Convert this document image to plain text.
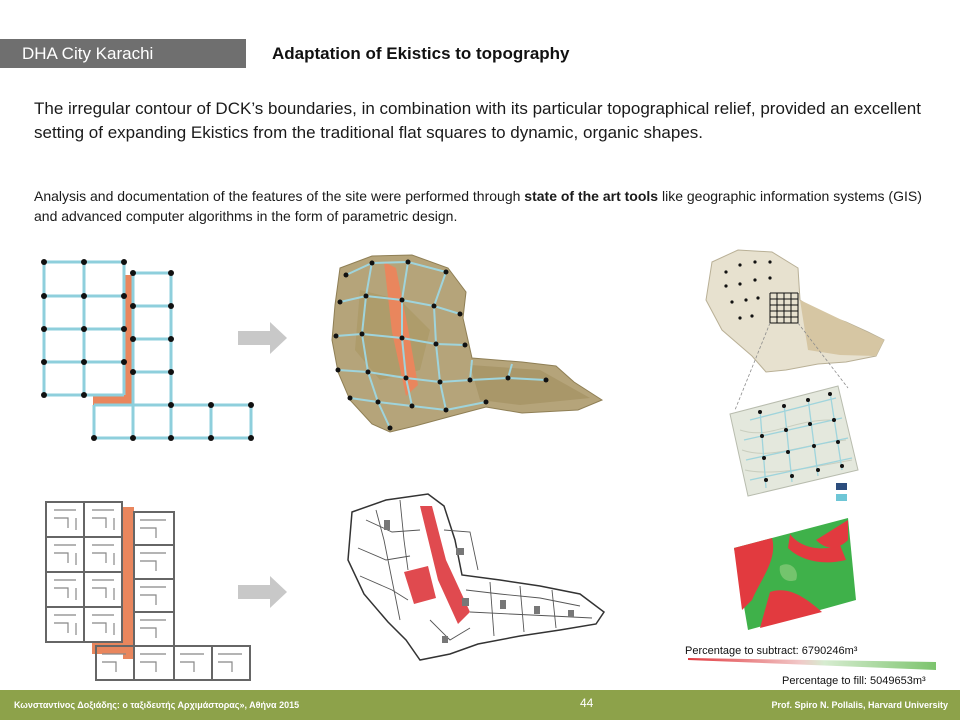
DHA City Karachi	Adaptation of Ekistics to topography
The irregular contour of DCK’s boundaries, in combination with its particular topographical relief, provided an excellent setting of expanding Ekistics from the traditional flat squares to dynamic, organic shapes.
Analysis and documentation of the features of the site were performed through state of the art tools like geographic information systems (GIS) and advanced computer algorithms in the form of parametric design.
Percentage to subtract: 6790246m³
Percentage to fill: 5049653m³
Κωνσταντίνος Δοξιάδης: ο ταξιδευτής Αρχιμάστορας», Αθήνα 2015	44	Prof. Spiro N. Pollalis, Harvard University
